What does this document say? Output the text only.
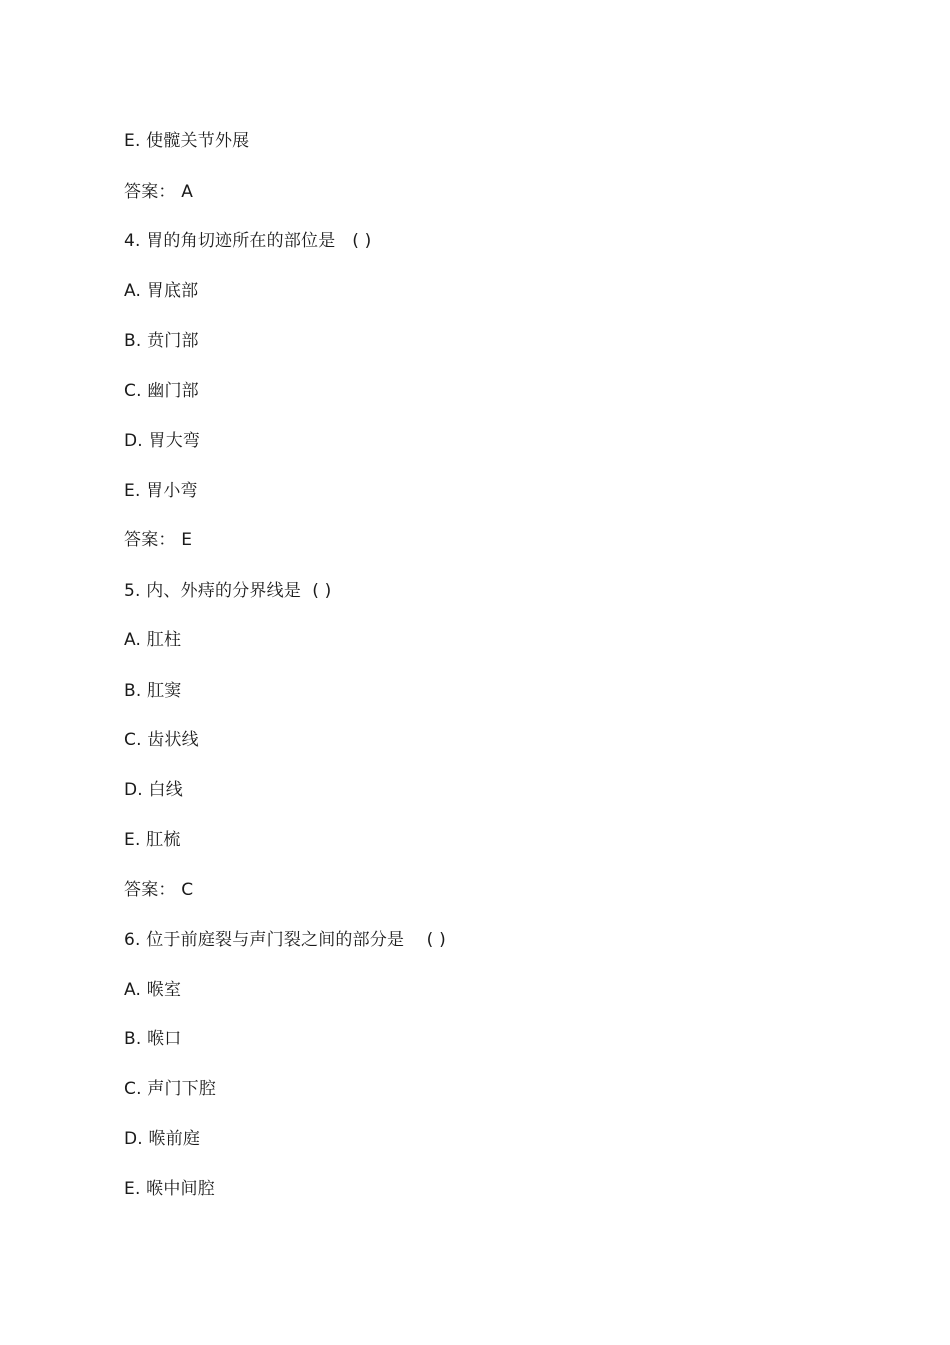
E. 使髋关节外展
答案： A
4. 胃的角切迹所在的部位是   ( )
A. 胃底部
B. 贲门部
C. 幽门部
D. 胃大弯
E. 胃小弯
答案： E
5. 内、外痔的分界线是  ( )
A. 肛柱
B. 肛窦
C. 齿状线
D. 白线
E. 肛梳
答案： C
6. 位于前庭裂与声门裂之间的部分是    ( )
A. 喉室
B. 喉口
C. 声门下腔
D. 喉前庭
E. 喉中间腔
